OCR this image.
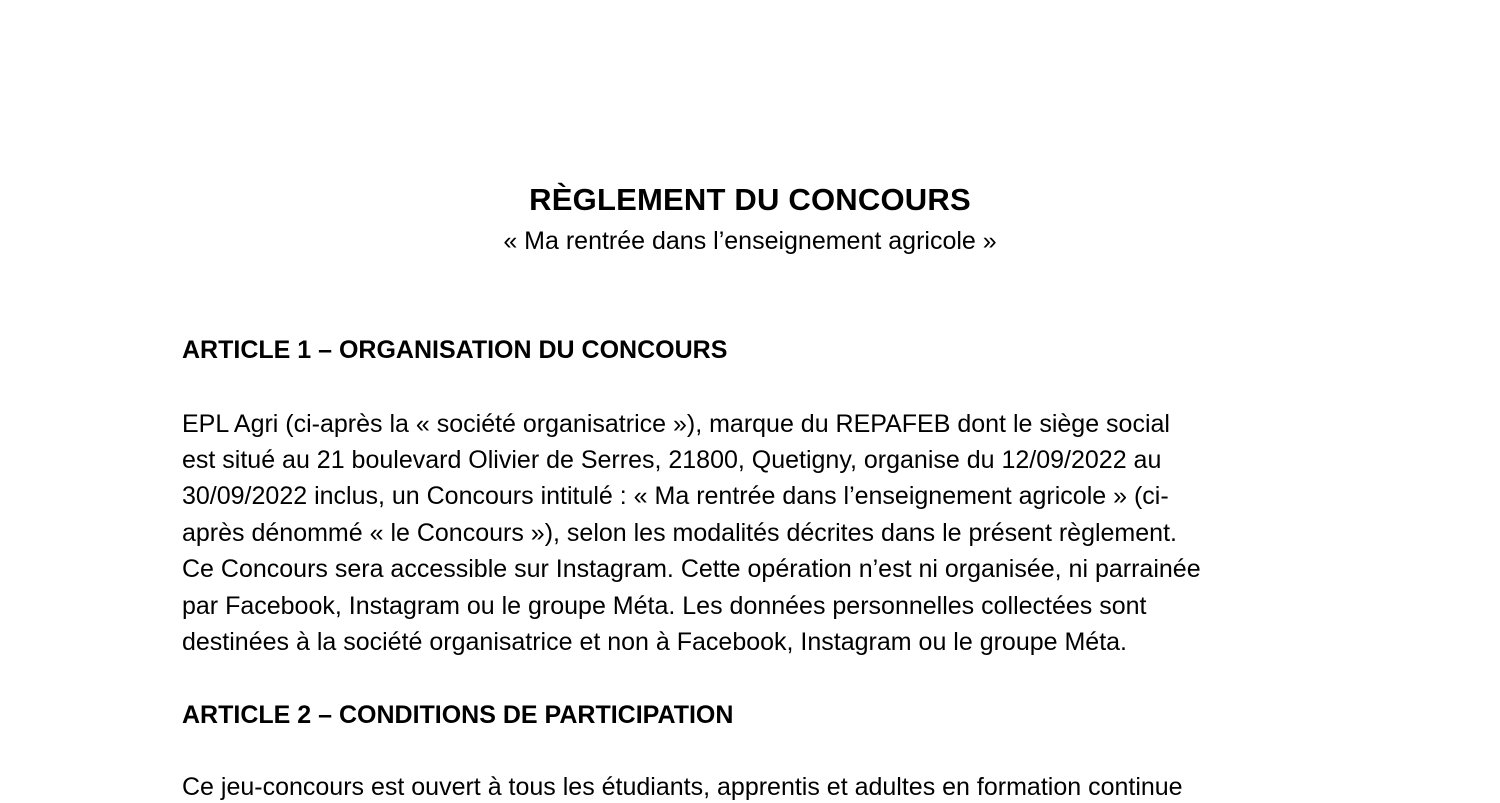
RÈGLEMENT DU CONCOURS
« Ma rentrée dans l’enseignement agricole »
ARTICLE 1 – ORGANISATION DU CONCOURS
EPL Agri (ci-après la « société organisatrice »), marque du REPAFEB dont le siège social
est situé au 21 boulevard Olivier de Serres, 21800, Quetigny, organise du 12/09/2022 au
30/09/2022 inclus, un Concours intitulé : « Ma rentrée dans l’enseignement agricole » (ci-
après dénommé « le Concours »), selon les modalités décrites dans le présent règlement.
Ce Concours sera accessible sur Instagram. Cette opération n’est ni organisée, ni parrainée
par Facebook, Instagram ou le groupe Méta. Les données personnelles collectées sont
destinées à la société organisatrice et non à Facebook, Instagram ou le groupe Méta.
ARTICLE 2 – CONDITIONS DE PARTICIPATION
Ce jeu-concours est ouvert à tous les étudiants, apprentis et adultes en formation continue
